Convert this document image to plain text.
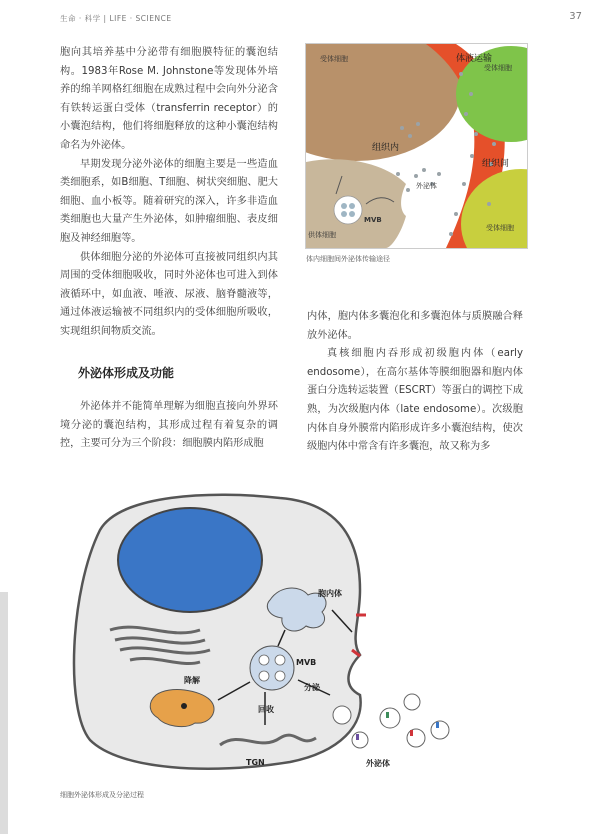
生命 · 科学 | LIFE · SCIENCE	37

胞向其培养基中分泌带有细胞膜特征的囊泡结构。1983年Rose M. Johnstone等发现体外培养的绵羊网格红细胞在成熟过程中会向外分泌含有铁转运蛋白受体（transferrin receptor）的小囊泡结构，他们将细胞释放的这种小囊泡结构命名为外泌体。

早期发现分泌外泌体的细胞主要是一些造血类细胞系，如B细胞、T细胞、树状突细胞、肥大细胞、血小板等。随着研究的深入，许多非造血类细胞也大量产生外泌体，如肿瘤细胞、表皮细胞及神经细胞等。

供体细胞分泌的外泌体可直接被同组织内其周围的受体细胞吸收，同时外泌体也可进入到体液循环中，如血液、唾液、尿液、脑脊髓液等，通过体液运输被不同组织内的受体细胞所吸收，实现组织间物质交流。

外泌体形成及功能

外泌体并不能简单理解为细胞直接向外界环境分泌的囊泡结构，其形成过程有着复杂的调控，主要可分为三个阶段：细胞膜内陷形成胞

内体，胞内体多囊泡化和多囊泡体与质膜融合释放外泌体。

真核细胞内吞形成初级胞内体（early endosome），在高尔基体等膜细胞器和胞内体蛋白分选转运装置（ESCRT）等蛋白的调控下成熟，为次级胞内体（late endosome）。次级胞内体自身外膜常内陷形成许多小囊泡结构，使次级胞内体中常含有许多囊泡，故又称为多

受体细胞	体液运输
受体细胞
组织内
组织间
外泌体
MVB
供体细胞
受体细胞
体内细胞间外泌体传输途径
胞内体
MVB
降解
TGN
回收
分泌
外泌体
细胞外泌体形成及分泌过程
